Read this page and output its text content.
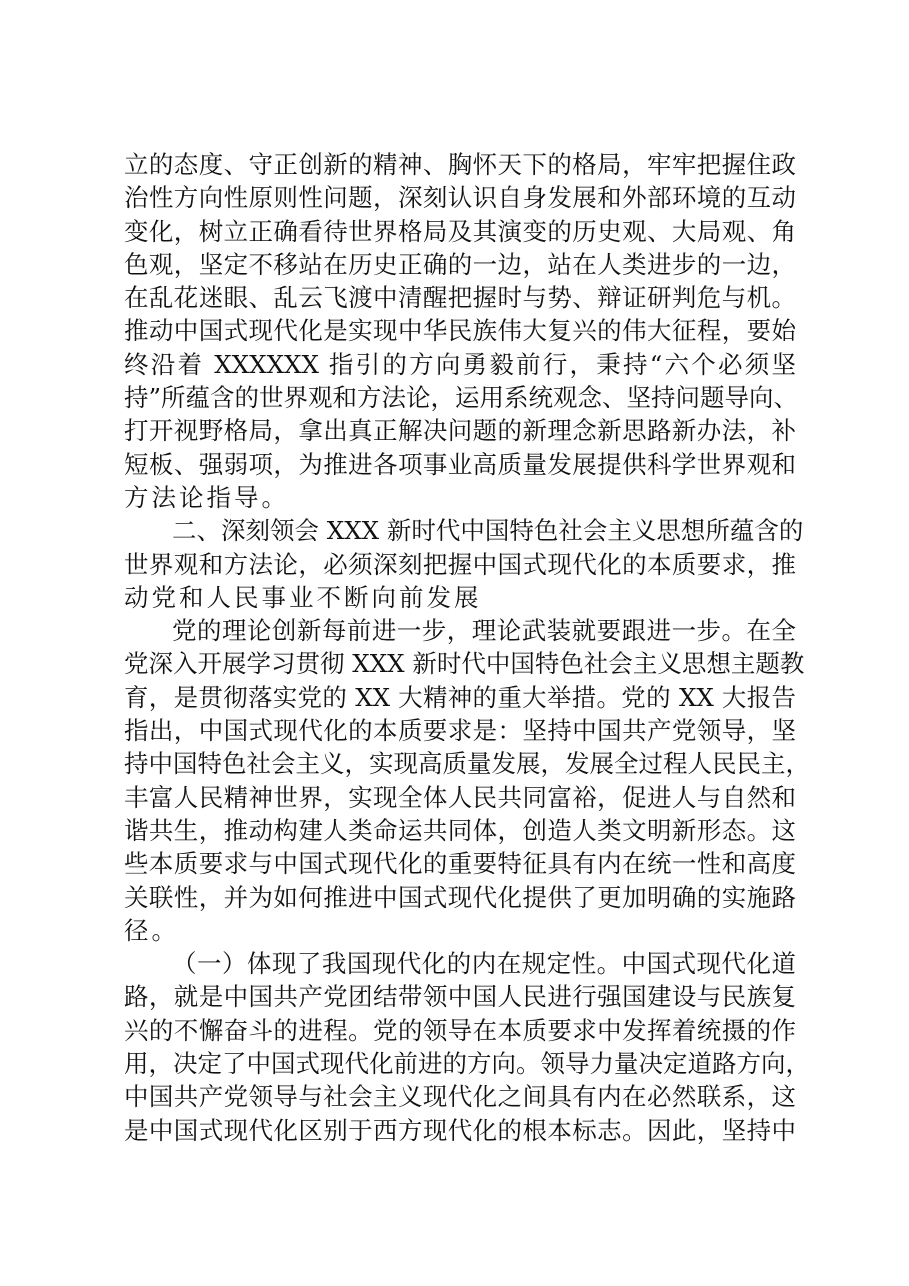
立的态度、守正创新的精神、胸怀天下的格局，牢牢把握住政
治性方向性原则性问题，深刻认识自身发展和外部环境的互动
变化，树立正确看待世界格局及其演变的历史观、大局观、角
色观，坚定不移站在历史正确的一边，站在人类进步的一边，
在乱花迷眼、乱云飞渡中清醒把握时与势、辩证研判危与机。
推动中国式现代化是实现中华民族伟大复兴的伟大征程，要始
终沿着 XXXXXX 指引的方向勇毅前行，秉持“六个必须坚
持”所蕴含的世界观和方法论，运用系统观念、坚持问题导向、
打开视野格局，拿出真正解决问题的新理念新思路新办法，补
短板、强弱项，为推进各项事业高质量发展提供科学世界观和
方法论指导。
二、深刻领会 XXX 新时代中国特色社会主义思想所蕴含的
世界观和方法论，必须深刻把握中国式现代化的本质要求，推
动党和人民事业不断向前发展
党的理论创新每前进一步，理论武装就要跟进一步。在全
党深入开展学习贯彻 XXX 新时代中国特色社会主义思想主题教
育，是贯彻落实党的 XX 大精神的重大举措。党的 XX 大报告
指出，中国式现代化的本质要求是：坚持中国共产党领导，坚
持中国特色社会主义，实现高质量发展，发展全过程人民民主，
丰富人民精神世界，实现全体人民共同富裕，促进人与自然和
谐共生，推动构建人类命运共同体，创造人类文明新形态。这
些本质要求与中国式现代化的重要特征具有内在统一性和高度
关联性，并为如何推进中国式现代化提供了更加明确的实施路
径。
（一）体现了我国现代化的内在规定性。中国式现代化道
路，就是中国共产党团结带领中国人民进行强国建设与民族复
兴的不懈奋斗的进程。党的领导在本质要求中发挥着统摄的作
用，决定了中国式现代化前进的方向。领导力量决定道路方向，
中国共产党领导与社会主义现代化之间具有内在必然联系，这
是中国式现代化区别于西方现代化的根本标志。因此，坚持中
